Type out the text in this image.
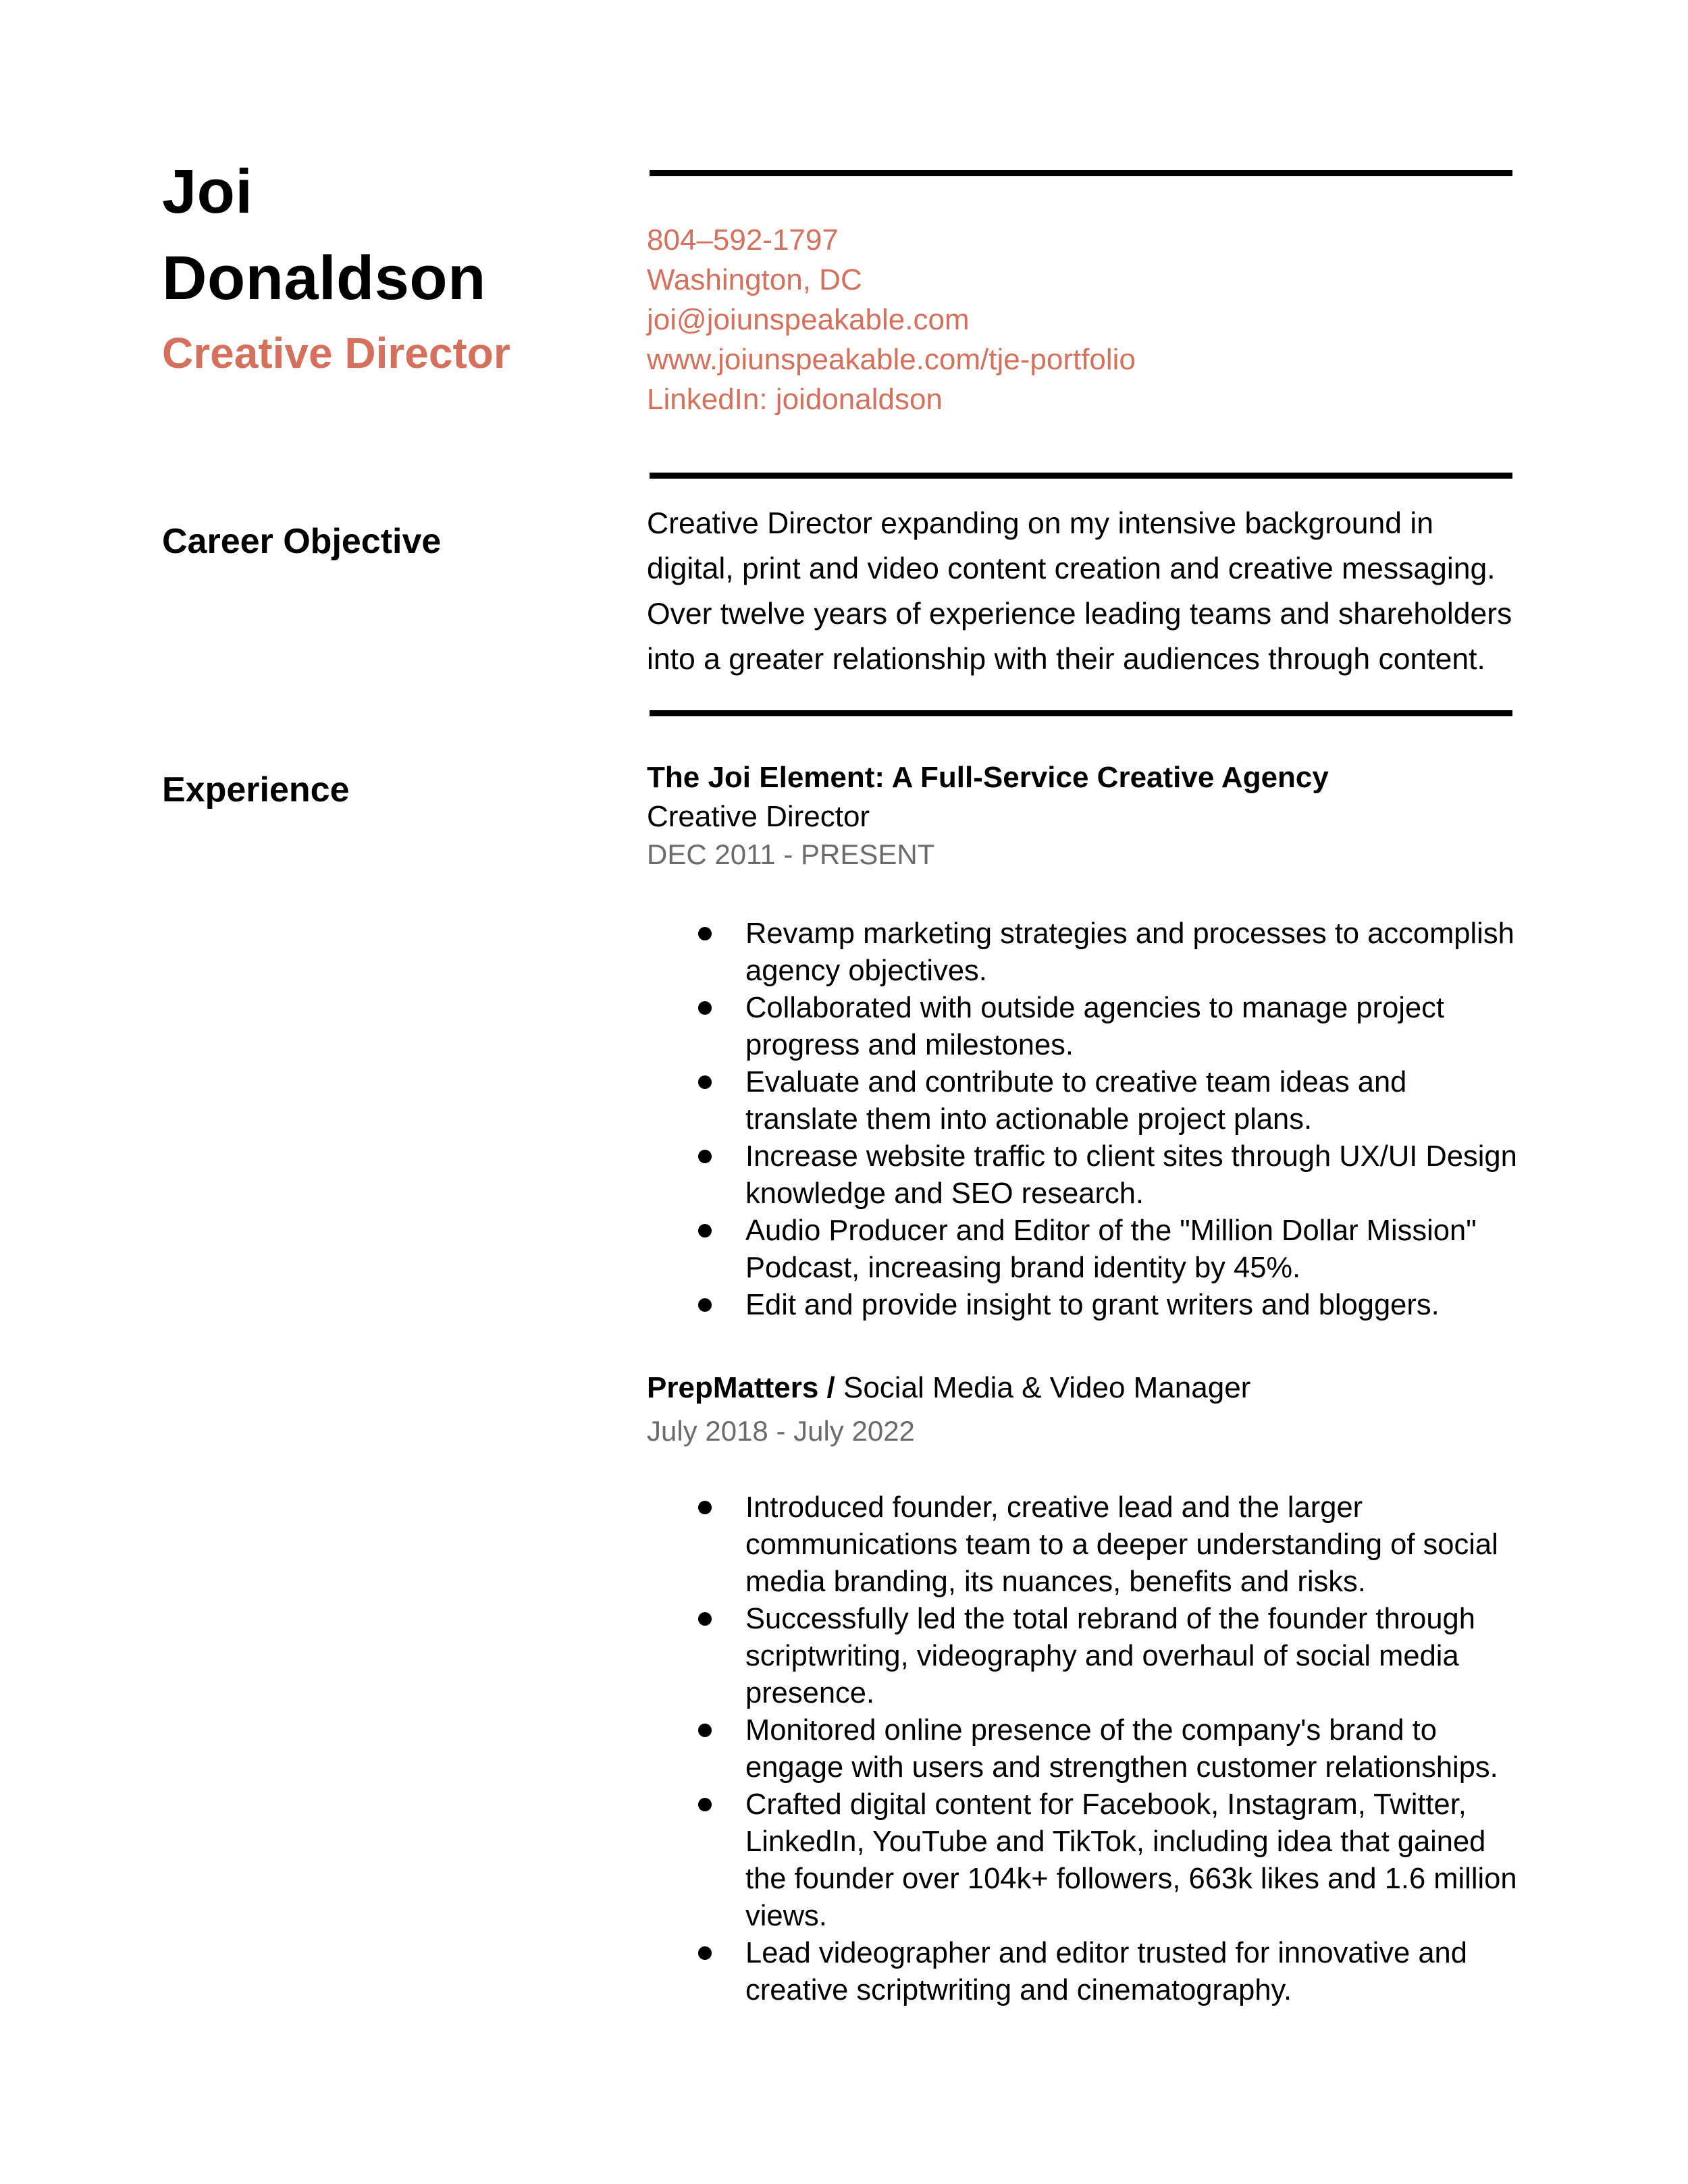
Joi
Donaldson
Creative Director
804–592-1797
Washington, DC
joi@joiunspeakable.com
www.joiunspeakable.com/tje-portfolio
LinkedIn: joidonaldson
Career Objective	Creative Director expanding on my intensive background in digital, print and video content creation and creative messaging. Over twelve years of experience leading teams and shareholders into a greater relationship with their audiences through content.
Experience	The Joi Element: A Full-Service Creative Agency
Creative Director
DEC 2011 - PRESENT
Revamp marketing strategies and processes to accomplish agency objectives.
Collaborated with outside agencies to manage project progress and milestones.
Evaluate and contribute to creative team ideas and translate them into actionable project plans.
Increase website traffic to client sites through UX/UI Design knowledge and SEO research.
Audio Producer and Editor of the "Million Dollar Mission" Podcast, increasing brand identity by 45%.
Edit and provide insight to grant writers and bloggers.
PrepMatters / Social Media & Video Manager
July 2018 - July 2022
Introduced founder, creative lead and the larger communications team to a deeper understanding of social media branding, its nuances, benefits and risks.
Successfully led the total rebrand of the founder through scriptwriting, videography and overhaul of social media presence.
Monitored online presence of the company's brand to engage with users and strengthen customer relationships.
Crafted digital content for Facebook, Instagram, Twitter, LinkedIn, YouTube and TikTok, including idea that gained the founder over 104k+ followers, 663k likes and 1.6 million views.
Lead videographer and editor trusted for innovative and creative scriptwriting and cinematography.
